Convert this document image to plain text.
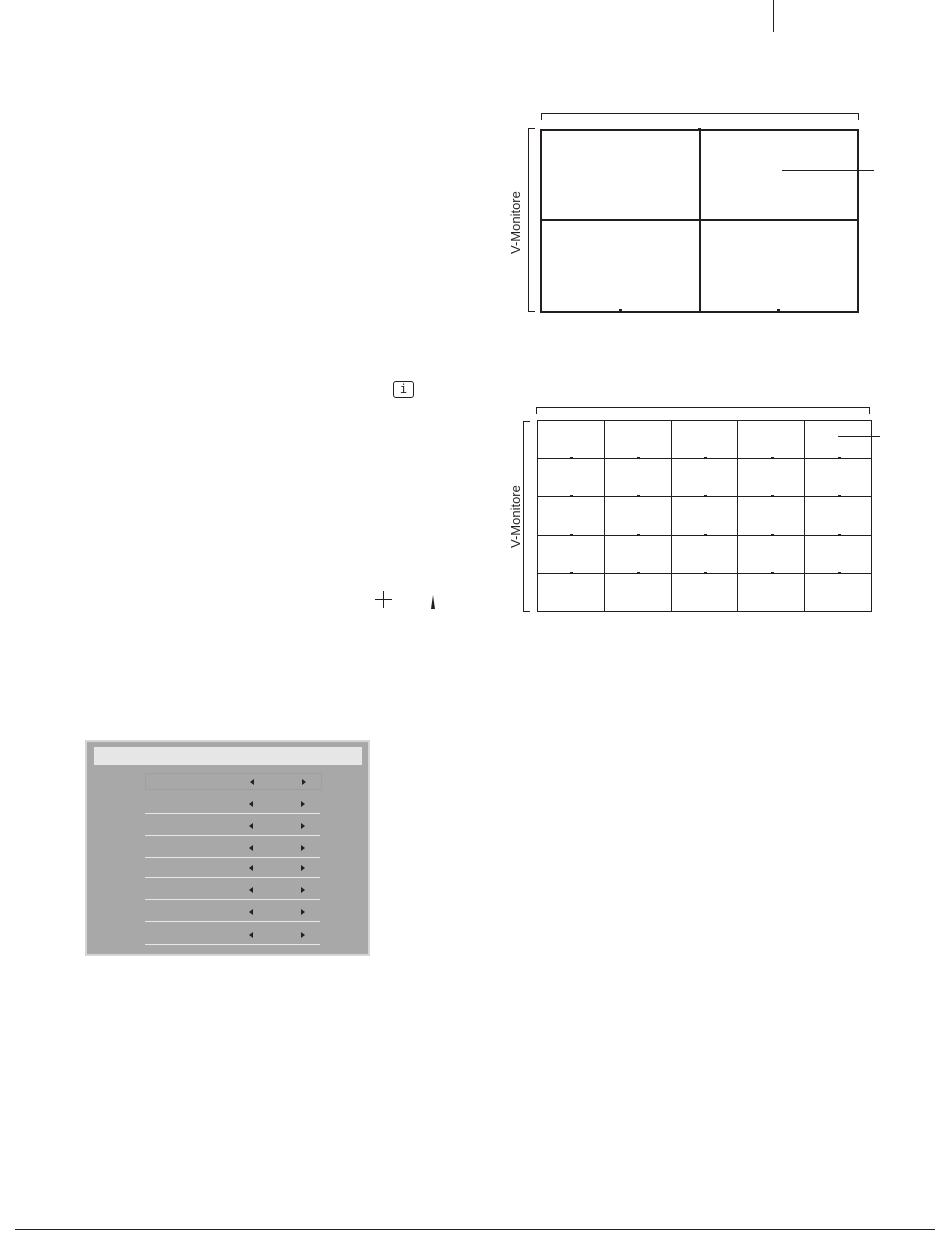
V-Monitore
i
V-Monitore
